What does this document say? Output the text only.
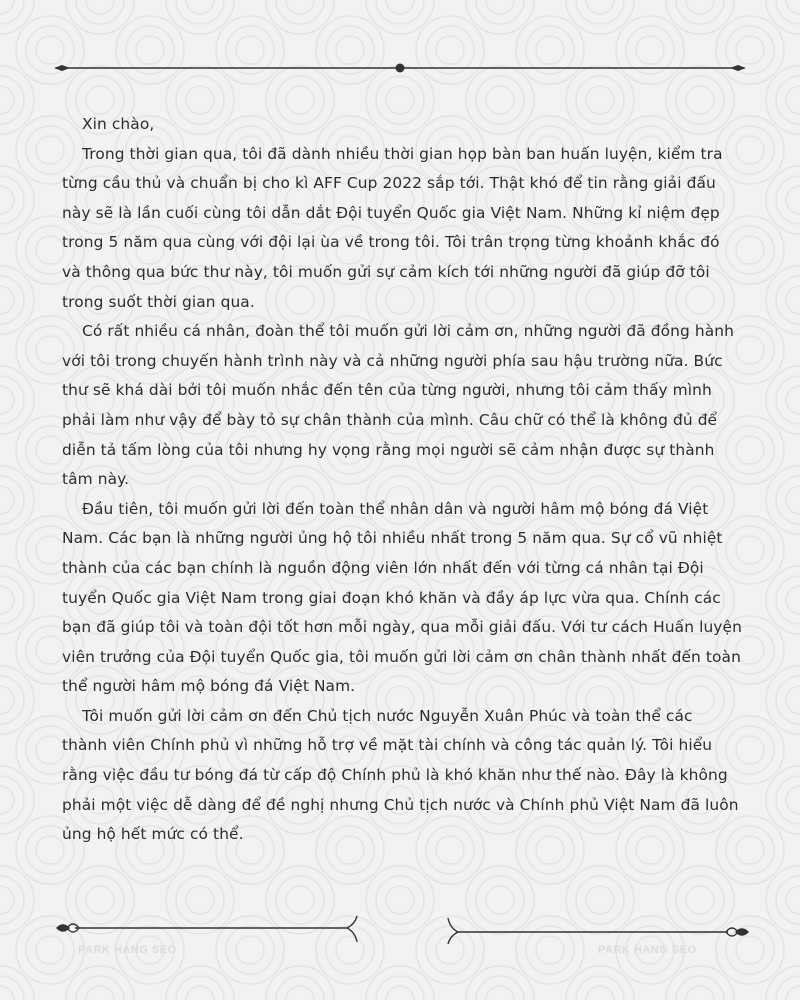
Xin chào,

Trong thời gian qua, tôi đã dành nhiều thời gian họp bàn ban huấn luyện, kiểm tra từng cầu thủ và chuẩn bị cho kì AFF Cup 2022 sắp tới. Thật khó để tin rằng giải đấu này sẽ là lần cuối cùng tôi dẫn dắt Đội tuyển Quốc gia Việt Nam. Những kỉ niệm đẹp trong 5 năm qua cùng với đội lại ùa về trong tôi. Tôi trân trọng từng khoảnh khắc đó và thông qua bức thư này, tôi muốn gửi sự cảm kích tới những người đã giúp đỡ tôi trong suốt thời gian qua.

Có rất nhiều cá nhân, đoàn thể tôi muốn gửi lời cảm ơn, những người đã đồng hành với tôi trong chuyến hành trình này và cả những người phía sau hậu trường nữa. Bức thư sẽ khá dài bởi tôi muốn nhắc đến tên của từng người, nhưng tôi cảm thấy mình phải làm như vậy để bày tỏ sự chân thành của mình. Câu chữ có thể là không đủ để diễn tả tấm lòng của tôi nhưng hy vọng rằng mọi người sẽ cảm nhận được sự thành tâm này.

Đầu tiên, tôi muốn gửi lời đến toàn thể nhân dân và người hâm mộ bóng đá Việt Nam. Các bạn là những người ủng hộ tôi nhiều nhất trong 5 năm qua. Sự cổ vũ nhiệt thành của các bạn chính là nguồn động viên lớn nhất đến với từng cá nhân tại Đội tuyển Quốc gia Việt Nam trong giai đoạn khó khăn và đầy áp lực vừa qua. Chính các bạn đã giúp tôi và toàn đội tốt hơn mỗi ngày, qua mỗi giải đấu. Với tư cách Huấn luyện viên trưởng của Đội tuyển Quốc gia, tôi muốn gửi lời cảm ơn chân thành nhất đến toàn thể người hâm mộ bóng đá Việt Nam.

Tôi muốn gửi lời cảm ơn đến Chủ tịch nước Nguyễn Xuân Phúc và toàn thể các thành viên Chính phủ vì những hỗ trợ về mặt tài chính và công tác quản lý. Tôi hiểu rằng việc đầu tư bóng đá từ cấp độ Chính phủ là khó khăn như thế nào. Đây là không phải một việc dễ dàng để đề nghị nhưng Chủ tịch nước và Chính phủ Việt Nam đã luôn ủng hộ hết mức có thể.

PARK HANG SEO	PARK HANG SEO
